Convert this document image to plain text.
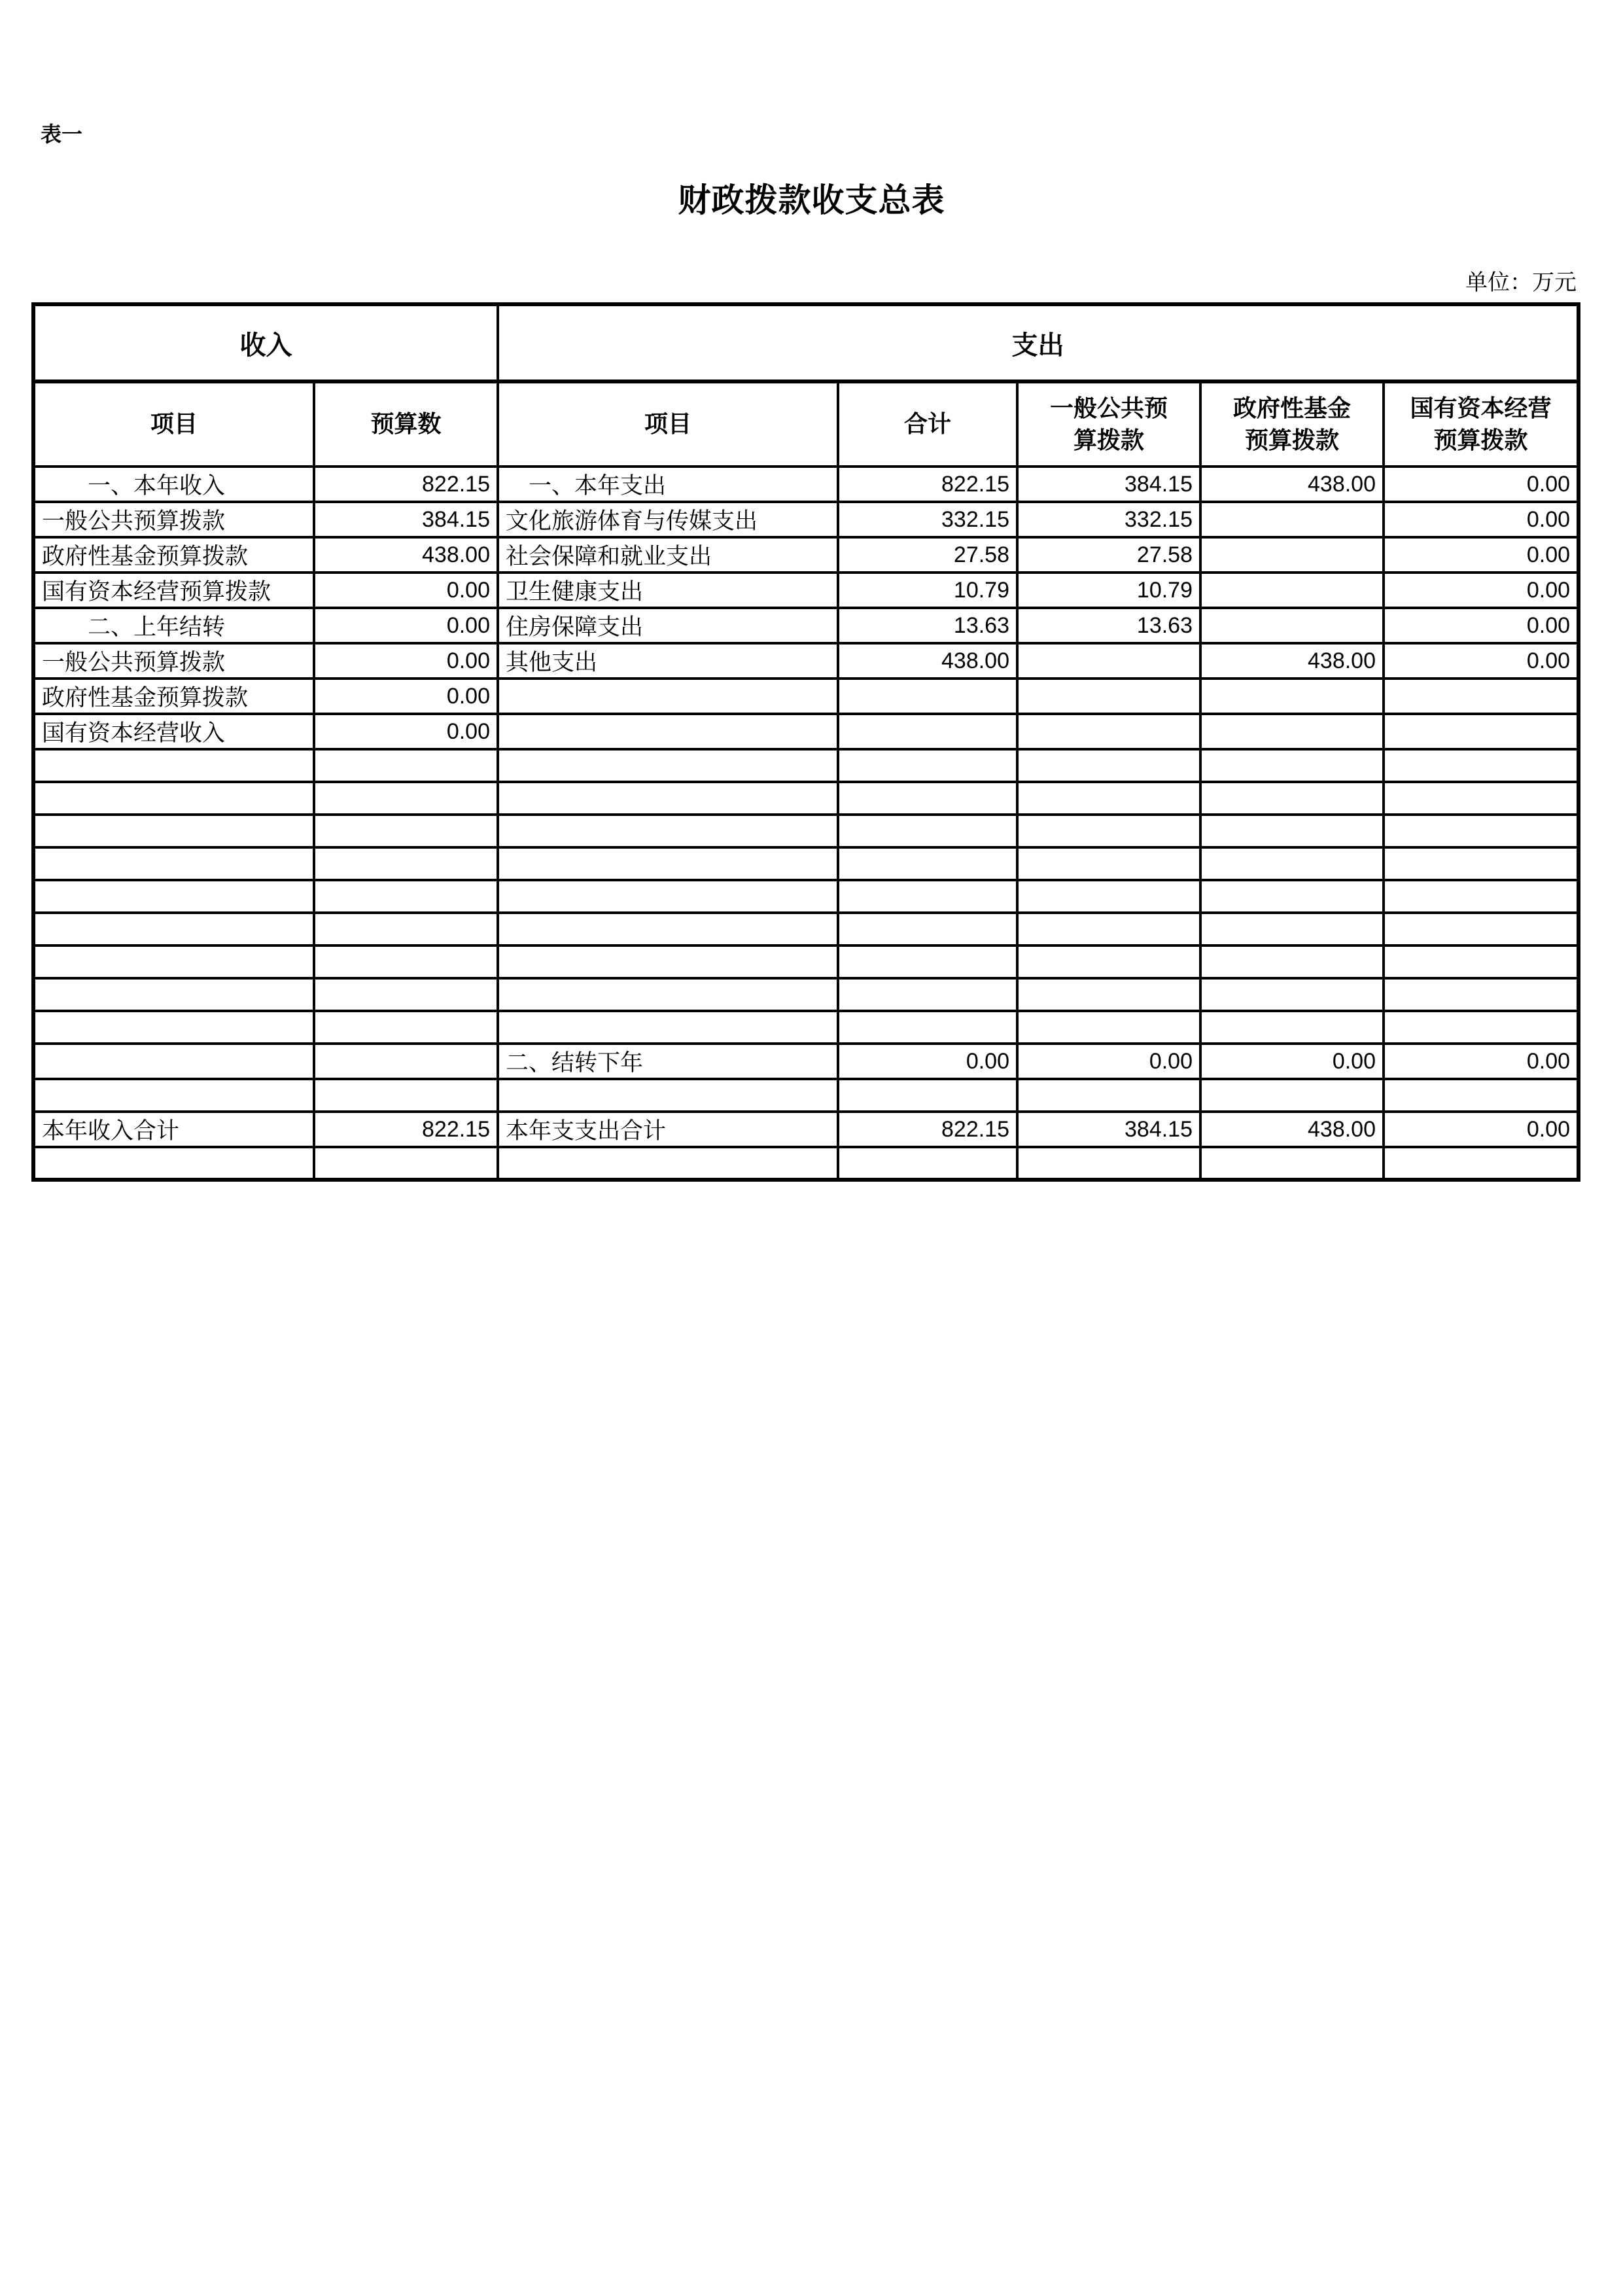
表一
财政拨款收支总表
单位：万元
收入		支出				
项目	预算数	项目	合计	一般公共预算拨款	政府性基金预算拨款	国有资本经营预算拨款
　　一、本年收入	822.15	　一、本年支出	822.15	384.15	438.00	0.00
一般公共预算拨款	384.15	文化旅游体育与传媒支出	332.15	332.15		0.00
政府性基金预算拨款	438.00	社会保障和就业支出	27.58	27.58		0.00
国有资本经营预算拨款	0.00	卫生健康支出	10.79	10.79		0.00
　　二、上年结转	0.00	住房保障支出	13.63	13.63		0.00
一般公共预算拨款	0.00	其他支出	438.00		438.00	0.00
政府性基金预算拨款	0.00					
国有资本经营收入	0.00					

		二、结转下年	0.00	0.00	0.00	0.00

本年收入合计	822.15	本年支支出合计	822.15	384.15	438.00	0.00
